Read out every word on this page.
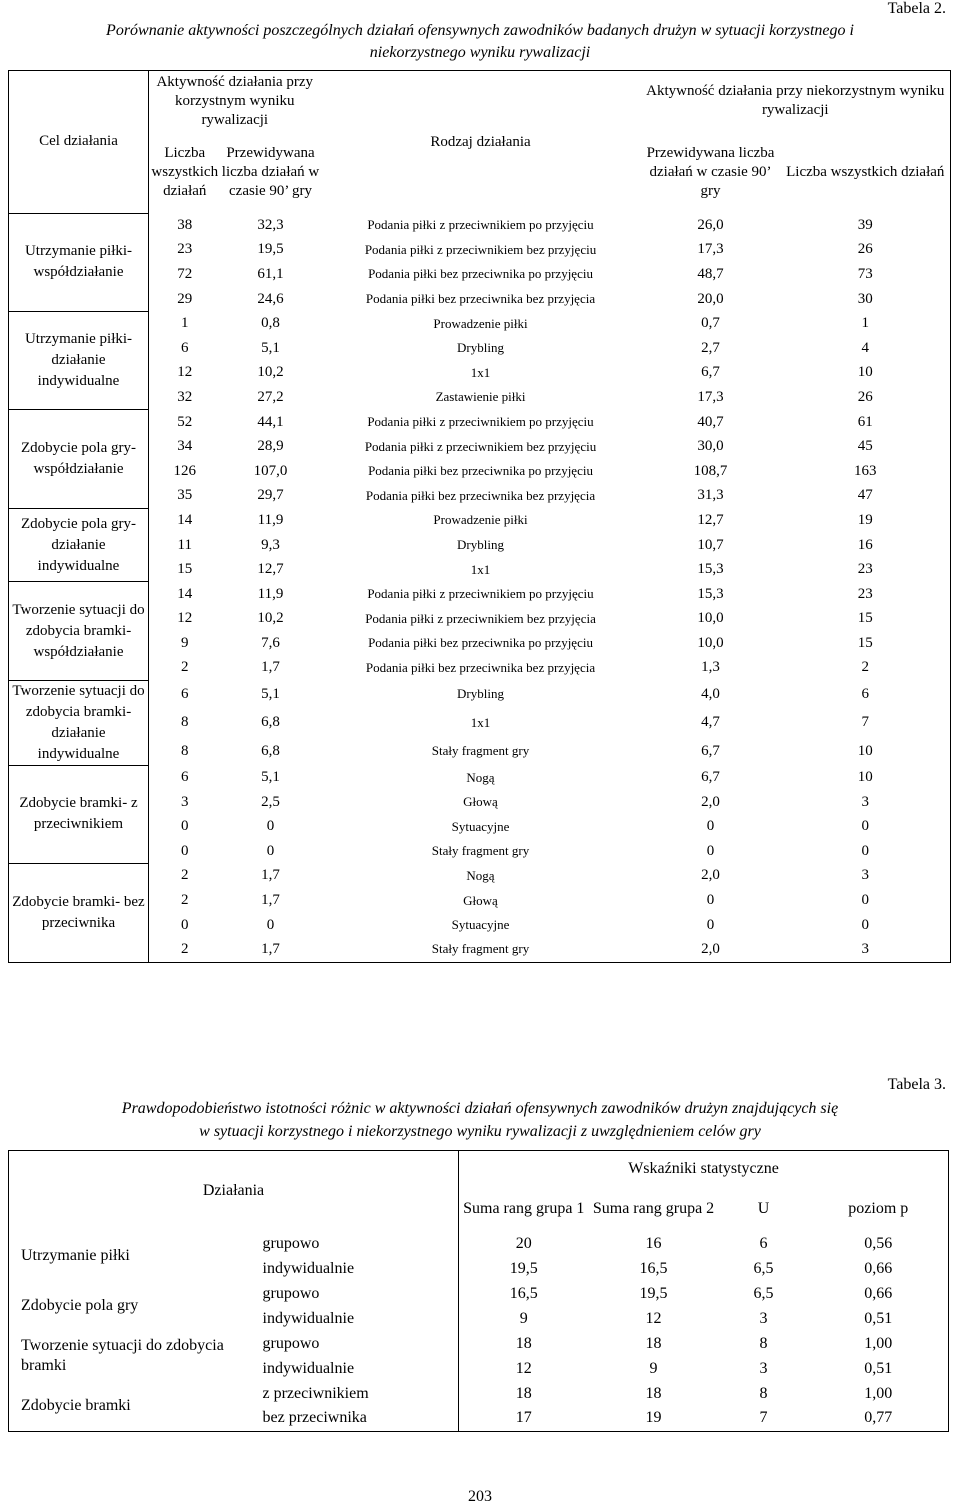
Tabela 2.
Porównanie aktywności poszczególnych działań ofensywnych zawodników badanych drużyn w sytuacji korzystnego i
niekorzystnego wyniku rywalizacji
Cel działania	Aktywność działania przy korzystnym wyniku rywalizacji		Rodzaj działania	Aktywność działania przy niekorzystnym wyniku rywalizacji	
	Liczba wszystkich działań	Przewidywana liczba działań w czasie 90’ gry		Przewidywana liczba działań w czasie 90’ gry	Liczba wszystkich działań
Utrzymanie piłki-współdziałanie	38	32,3	Podania piłki z przeciwnikiem po przyjęciu	26,0	39
	23	19,5	Podania piłki z przeciwnikiem bez przyjęciu	17,3	26
	72	61,1	Podania piłki bez przeciwnika po przyjęciu	48,7	73
	29	24,6	Podania piłki bez przeciwnika bez przyjęcia	20,0	30
Utrzymanie piłki- działanie indywidualne	1	0,8	Prowadzenie piłki	0,7	1
	6	5,1	Drybling	2,7	4
	12	10,2	1x1	6,7	10
	32	27,2	Zastawienie piłki	17,3	26
Zdobycie pola gry-współdziałanie	52	44,1	Podania piłki z przeciwnikiem po przyjęciu	40,7	61
	34	28,9	Podania piłki z przeciwnikiem bez przyjęciu	30,0	45
	126	107,0	Podania piłki bez przeciwnika po przyjęciu	108,7	163
	35	29,7	Podania piłki bez przeciwnika bez przyjęcia	31,3	47
Zdobycie pola gry- działanie indywidualne	14	11,9	Prowadzenie piłki	12,7	19
	11	9,3	Drybling	10,7	16
	15	12,7	1x1	15,3	23
Tworzenie sytuacji do zdobycia bramki-współdziałanie	14	11,9	Podania piłki z przeciwnikiem po przyjęciu	15,3	23
	12	10,2	Podania piłki z przeciwnikiem bez przyjęcia	10,0	15
	9	7,6	Podania piłki bez przeciwnika po przyjęciu	10,0	15
	2	1,7	Podania piłki bez przeciwnika bez przyjęcia	1,3	2
Tworzenie sytuacji do zdobycia bramki-działanie indywidualne	6	5,1	Drybling	4,0	6
	8	6,8	1x1	4,7	7
	8	6,8	Stały fragment gry	6,7	10
Zdobycie bramki- z przeciwnikiem	6	5,1	Nogą	6,7	10
	3	2,5	Głową	2,0	3
	0	0	Sytuacyjne	0	0
	0	0	Stały fragment gry	0	0
Zdobycie bramki- bez przeciwnika	2	1,7	Nogą	2,0	3
	2	1,7	Głową	0	0
	0	0	Sytuacyjne	0	0
	2	1,7	Stały fragment gry	2,0	3
Tabela 3.
Prawdopodobieństwo istotności różnic w aktywności działań ofensywnych zawodników drużyn znajdujących się
w sytuacji korzystnego i niekorzystnego wyniku rywalizacji z uwzględnieniem celów gry
Działania		Wskaźniki statystyczne			
		Suma rang grupa 1	Suma rang grupa 2	U	poziom p
Utrzymanie piłki	grupowo	20	16	6	0,56
	indywidualnie	19,5	16,5	6,5	0,66
Zdobycie pola gry	grupowo	16,5	19,5	6,5	0,66
	indywidualnie	9	12	3	0,51
Tworzenie sytuacji do zdobycia bramki	grupowo	18	18	8	1,00
	indywidualnie	12	9	3	0,51
Zdobycie bramki	z przeciwnikiem	18	18	8	1,00
	bez przeciwnika	17	19	7	0,77
203
